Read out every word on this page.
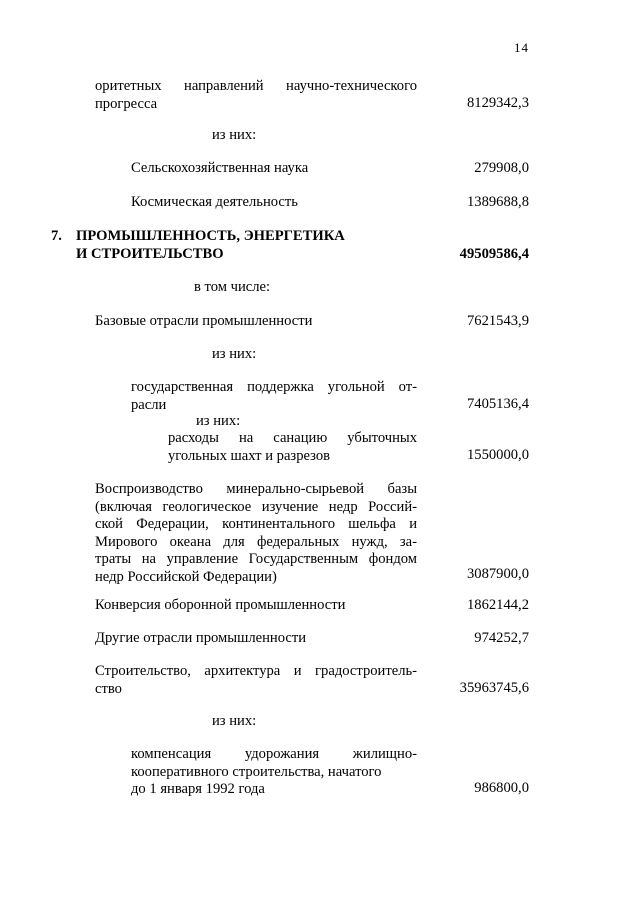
14
оритетных направлений научно-технического
прогресса	8129342,3
из них:
Сельскохозяйственная наука	279908,0
Космическая деятельность	1389688,8
7. ПРОМЫШЛЕННОСТЬ, ЭНЕРГЕТИКА
И СТРОИТЕЛЬСТВО	49509586,4
в том числе:
Базовые отрасли промышленности	7621543,9
из них:
государственная поддержка угольной от-
расли	7405136,4
из них:
расходы на санацию убыточных
угольных шахт и разрезов	1550000,0
Воспроизводство минерально-сырьевой базы
(включая геологическое изучение недр Россий-
ской Федерации, континентального шельфа и
Мирового океана для федеральных нужд, за-
траты на управление Государственным фондом
недр Российской Федерации)	3087900,0
Конверсия оборонной промышленности	1862144,2
Другие отрасли промышленности	974252,7
Строительство, архитектура и градостроитель-
ство	35963745,6
из них:
компенсация удорожания жилищно-
кооперативного строительства, начатого
до 1 января 1992 года	986800,0
